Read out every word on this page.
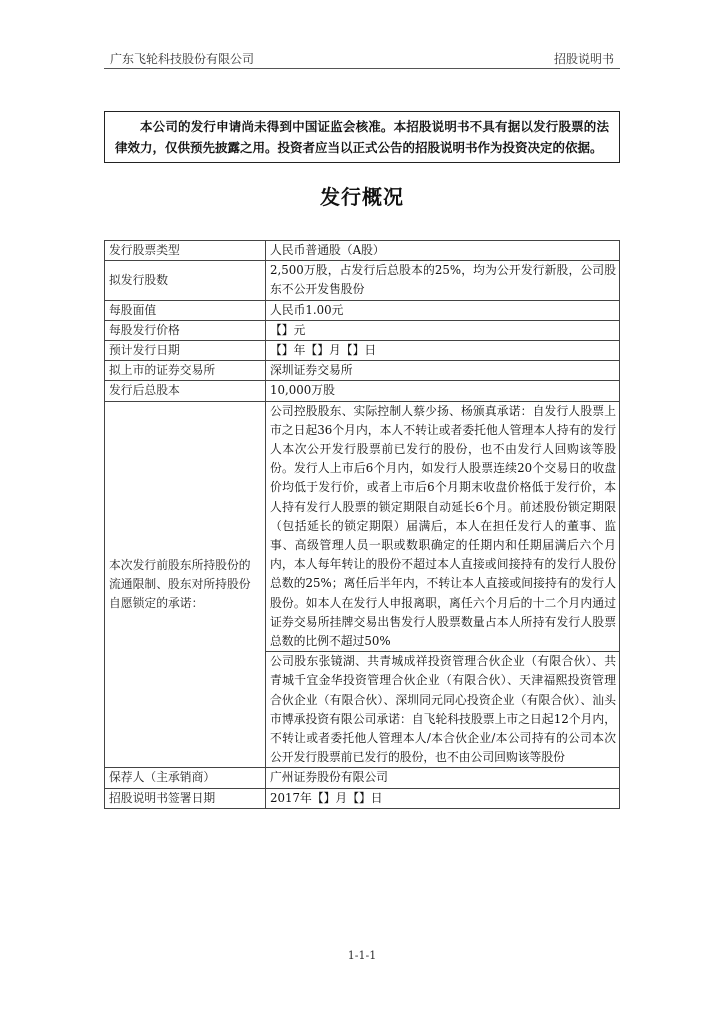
广东飞轮科技股份有限公司	招股说明书
本公司的发行申请尚未得到中国证监会核准。本招股说明书不具有据以发行股票的法律效力，仅供预先披露之用。投资者应当以正式公告的招股说明书作为投资决定的依据。
发行概况
发行股票类型	人民币普通股（A股）
拟发行股数	2,500万股，占发行后总股本的25%，均为公开发行新股，公司股东不公开发售股份
每股面值	人民币1.00元
每股发行价格	【】元
预计发行日期	【】年【】月【】日
拟上市的证券交易所	深圳证券交易所
发行后总股本	10,000万股
本次发行前股东所持股份的流通限制、股东对所持股份自愿锁定的承诺：	公司控股股东、实际控制人蔡少扬、杨颁真承诺：自发行人股票上市之日起36个月内，本人不转让或者委托他人管理本人持有的发行人本次公开发行股票前已发行的股份，也不由发行人回购该等股份。发行人上市后6个月内，如发行人股票连续20个交易日的收盘价均低于发行价，或者上市后6个月期末收盘价格低于发行价，本人持有发行人股票的锁定期限自动延长6个月。前述股份锁定期限（包括延长的锁定期限）届满后，本人在担任发行人的董事、监事、高级管理人员一职或数职确定的任期内和任期届满后六个月内，本人每年转让的股份不超过本人直接或间接持有的发行人股份总数的25%；离任后半年内，不转让本人直接或间接持有的发行人股份。如本人在发行人申报离职，离任六个月后的十二个月内通过证券交易所挂牌交易出售发行人股票数量占本人所持有发行人股票总数的比例不超过50%
	公司股东张镜湖、共青城成祥投资管理合伙企业（有限合伙）、共青城千宜金华投资管理合伙企业（有限合伙）、天津福熙投资管理合伙企业（有限合伙）、深圳同元同心投资企业（有限合伙）、汕头市博承投资有限公司承诺：自飞轮科技股票上市之日起12个月内，不转让或者委托他人管理本人/本合伙企业/本公司持有的公司本次公开发行股票前已发行的股份，也不由公司回购该等股份
保荐人（主承销商）	广州证券股份有限公司
招股说明书签署日期	2017年【】月【】日
1-1-1
